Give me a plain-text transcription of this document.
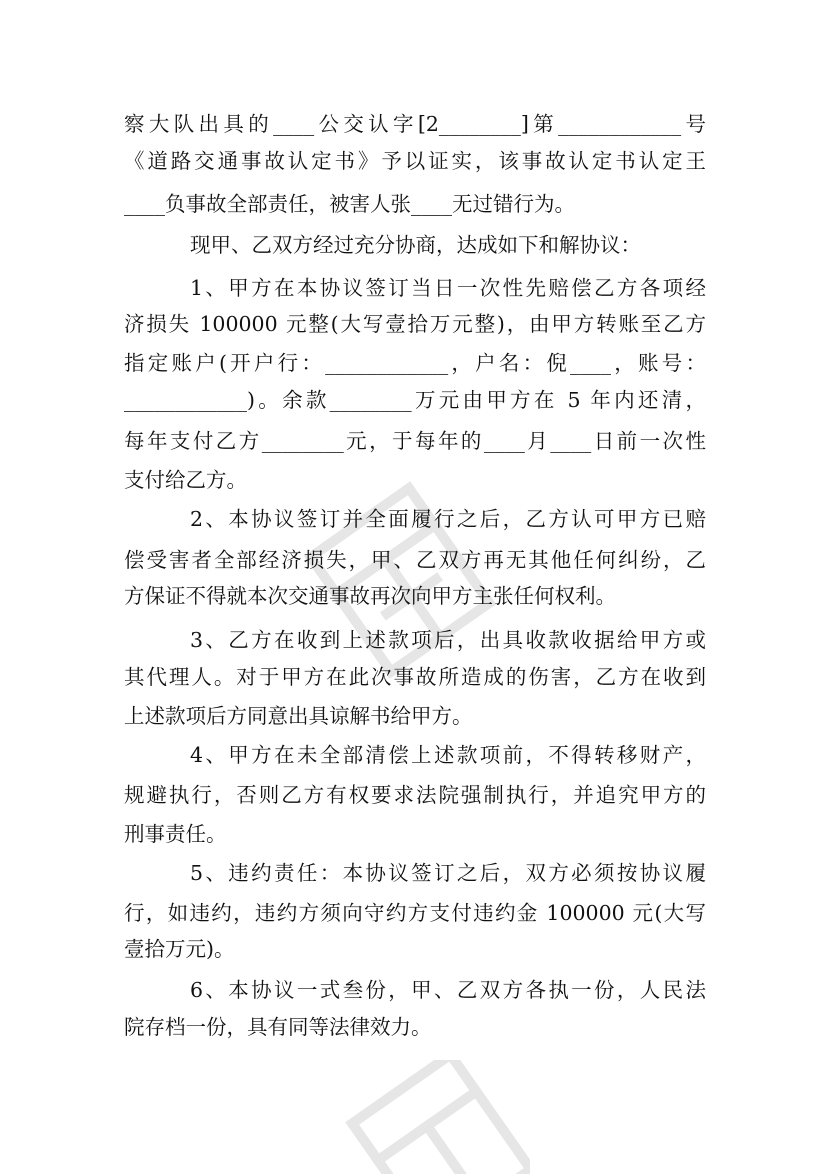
察大队出具的____公交认字[2________]第____________号
《道路交通事故认定书》予以证实，该事故认定书认定王
____负事故全部责任，被害人张____无过错行为。
现甲、乙双方经过充分协商，达成如下和解协议：
1、甲方在本协议签订当日一次性先赔偿乙方各项经
济损失 100000 元整(大写壹拾万元整)，由甲方转账至乙方
指定账户(开户行：____________，户名：倪____，账号：
____________)。余款________万元由甲方在 5 年内还清，
每年支付乙方________元，于每年的____月____日前一次性
支付给乙方。
2、本协议签订并全面履行之后，乙方认可甲方已赔
偿受害者全部经济损失，甲、乙双方再无其他任何纠纷，乙
方保证不得就本次交通事故再次向甲方主张任何权利。
3、乙方在收到上述款项后，出具收款收据给甲方或
其代理人。对于甲方在此次事故所造成的伤害，乙方在收到
上述款项后方同意出具谅解书给甲方。
4、甲方在未全部清偿上述款项前，不得转移财产，
规避执行，否则乙方有权要求法院强制执行，并追究甲方的
刑事责任。
5、违约责任：本协议签订之后，双方必须按协议履
行，如违约，违约方须向守约方支付违约金 100000 元(大写
壹拾万元)。
6、本协议一式叁份，甲、乙双方各执一份，人民法
院存档一份，具有同等法律效力。
